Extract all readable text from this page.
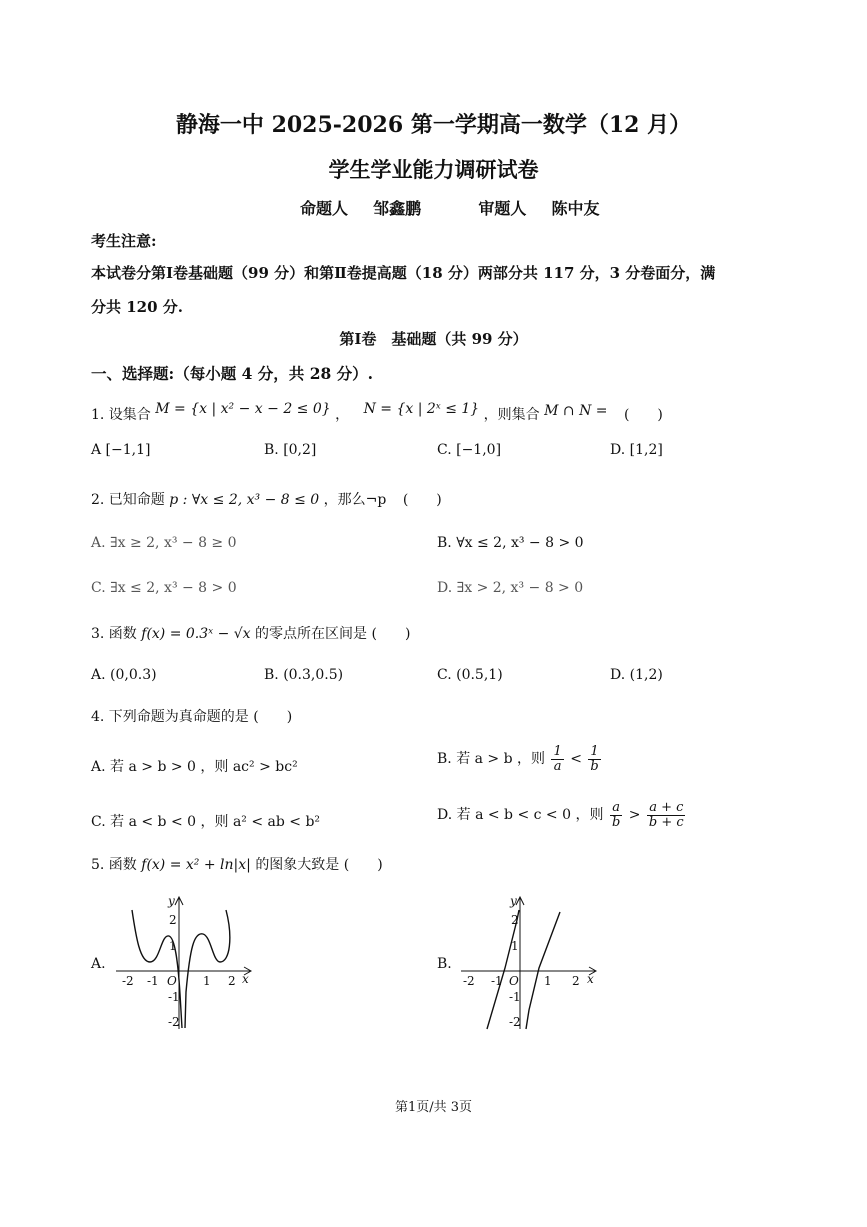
静海一中 2025-2026 第一学期高一数学（12 月）
学生学业能力调研试卷
命题人 邹鑫鹏	审题人 陈中友
考生注意:
本试卷分第Ⅰ卷基础题（99 分）和第Ⅱ卷提高题（18 分）两部分共 117 分，3 分卷面分，满
分共 120 分.
第Ⅰ卷　基础题（共 99 分）
一、选择题:（每小题 4 分，共 28 分）.
1. 设集合 M = {x | x² − x − 2 ≤ 0} ， N = {x | 2ˣ ≤ 1} ，则集合 M ∩ N = (　　)
A [−1,1]	B. [0,2]	C. [−1,0]	D. [1,2]
2. 已知命题 p : ∀x ≤ 2, x³ − 8 ≤ 0 ，那么¬p (　　)
A. ∃x ≥ 2, x³ − 8 ≥ 0	B. ∀x ≤ 2, x³ − 8 > 0
C. ∃x ≤ 2, x³ − 8 > 0	D. ∃x > 2, x³ − 8 > 0
3. 函数 f(x) = 0.3ˣ − √x 的零点所在区间是 (　　)
A. (0,0.3)	B. (0.3,0.5)	C. (0.5,1)	D. (1,2)
4. 下列命题为真命题的是 (　　)
A. 若 a > b > 0 ，则 ac² > bc²	B. 若 a > b ，则 $\frac{1}{a} < \frac{1}{b}$
C. 若 a < b < 0 ，则 a² < ab < b²	D. 若 a < b < c < 0 ，则 $\frac{a}{b} > \frac{a + c}{b + c}$
5. 函数 f(x) = x² + ln|x| 的图象大致是 (　　)
A.	B.
-2 -1	1 2
2
1
-1
-2
O	x
y
-2 -1	1 2
2
1
-1
-2
O	x
y
第1页/共 3页
